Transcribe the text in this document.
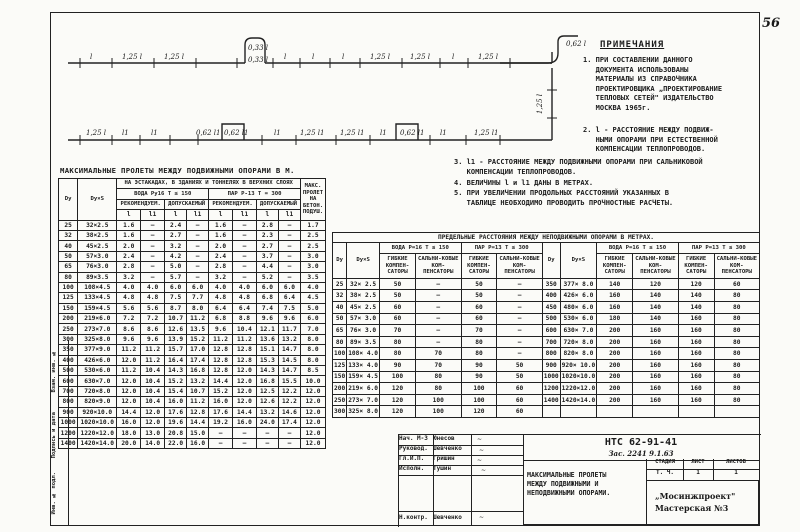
56
Инв. № подл.
Подпись и дата
Взам. инв. №
l	1,25 l	1,25 l
0,33 l
0,33 l l	l	l	1,25 l	1,25 l	l	1,25 l
0,62 l
1,25 l l1	l1	0,62 l1 0,62 l1	l1	1,25 l1 1,25 l1 l1 0,62 l1 l1	1,25 l1
1,25 l
ПРИМЕЧАНИЯ
1. ПРИ СОСТАВЛЕНИИ ДАННОГО
ДОКУМЕНТА ИСПОЛЬЗОВАНЫ
МАТЕРИАЛЫ ИЗ СПРАВОЧНИКА
ПРОЕКТИРОВЩИКА „ПРОЕКТИРОВАНИЕ
ТЕПЛОВЫХ СЕТЕЙ" ИЗДАТЕЛЬСТВО
МОСКВА 1965г.
2. l - РАССТОЯНИЕ МЕЖДУ ПОДВИЖ-
НЫМИ ОПОРАМИ ПРИ ЕСТЕСТВЕННОЙ
КОМПЕНСАЦИИ ТЕПЛОПРОВОДОВ.
3. l1 - РАССТОЯНИЕ МЕЖДУ ПОДВИЖНЫМИ ОПОРАМИ ПРИ САЛЬНИКОВОЙ
КОМПЕНСАЦИИ ТЕПЛОПРОВОДОВ.
4. ВЕЛИЧИНЫ l и l1 ДАНЫ В МЕТРАХ.
5. ПРИ УВЕЛИЧЕНИИ ПРОДОЛЬНЫХ РАССТОЯНИЙ УКАЗАННЫХ В
ТАБЛИЦЕ НЕОБХОДИМО ПРОВОДИТЬ ПРОЧНОСТНЫЕ РАСЧЕТЫ.
МАКСИМАЛЬНЫЕ ПРОЛЕТЫ МЕЖДУ ПОДВИЖНЫМИ ОПОРАМИ В М.
Dy	Dy×S	НА ЭСТАКАДАХ, В ЗДАНИЯХ И ТОННЕЛЯХ В ВЕРХНИХ СЛОЯХ								МАКС. ПРОЛЕТ НА БЕТОН. ПОДУШ.
		ВОДА Ру16 Т ≤ 150				ПАР Р-13 Т = 300				
		РЕКОМЕНДУЕМ.		ДОПУСКАЕМЫЙ		РЕКОМЕНДУЕМ.		ДОПУСКАЕМЫЙ		
		l	l1	l	l1	l	l1	l	l1	
25	32×2.5	1.6	–	2.4	–	1.6	–	2.8	–	1.7
32	38×2.5	1.6	–	2.7	–	1.6	–	2.3	–	2.5
40	45×2.5	2.0	–	3.2	–	2.0	–	2.7	–	2.5
50	57×3.0	2.4	–	4.2	–	2.4	–	3.7	–	3.0
65	76×3.0	2.8	–	5.0	–	2.8	–	4.4	–	3.0
80	89×3.5	3.2	–	5.7	–	3.2	–	5.2	–	3.5
100	108×4.5	4.0	4.0	6.0	6.0	4.0	4.0	6.0	6.0	4.0
125	133×4.5	4.8	4.8	7.5	7.7	4.8	4.8	6.8	6.4	4.5
150	159×4.5	5.6	5.6	8.7	8.0	6.4	6.4	7.4	7.5	5.0
200	219×6.0	7.2	7.2	10.7	11.2	6.8	8.8	9.6	9.6	6.0
250	273×7.0	8.6	8.6	12.6	13.5	9.6	10.4	12.1	11.7	7.0
300	325×8.0	9.6	9.6	13.9	15.2	11.2	11.2	13.6	13.2	8.0
350	377×9.0	11.2	11.2	15.7	17.0	12.8	12.8	15.1	14.7	8.0
400	426×6.0	12.0	11.2	16.4	17.4	12.8	12.8	15.3	14.5	8.0
500	530×6.0	11.2	10.4	14.3	16.8	12.8	12.0	14.3	14.7	8.5
600	630×7.0	12.0	10.4	15.2	13.2	14.4	12.0	16.8	15.5	10.0
700	720×8.0	12.0	10.4	15.4	10.7	15.2	12.0	12.5	12.2	12.0
800	820×9.0	12.0	10.4	16.0	11.2	16.0	12.0	12.6	12.2	12.0
900	920×10.0	14.4	12.0	17.6	12.8	17.6	14.4	13.2	14.6	12.0
1000	1020×10.0	16.0	12.0	19.6	14.4	19.2	16.0	24.0	17.4	12.0
1200	1220×12.0	18.0	13.0	20.8	15.0	–	–	–	–	12.0
1400	1420×14.0	20.0	14.0	22.0	16.0	–	–	–	–	12.0
ПРЕДЕЛЬНЫЕ РАССТОЯНИЯ МЕЖДУ НЕПОДВИЖНЫМИ ОПОРАМИ В МЕТРАХ.											
Dy	Dy×S	ВОДА Р=16 Т ≤ 150		ПАР Р=13 Т ≤ 300		Dy	Dy×S	ВОДА Р=16 Т ≤ 150		ПАР Р=13 Т ≤ 300	
		ГИБКИЕ КОМПЕН-САТОРЫ	САЛЬНИ-КОВЫЕ КОМ-ПЕНСАТОРЫ	ГИБКИЕ КОМПЕН-САТОРЫ	САЛЬНИ-КОВЫЕ КОМ-ПЕНСАТОРЫ			ГИБКИЕ КОМПЕН-САТОРЫ	САЛЬНИ-КОВЫЕ КОМ-ПЕНСАТОРЫ	ГИБКИЕ КОМПЕН-САТОРЫ	САЛЬНИ-КОВЫЕ КОМ-ПЕНСАТОРЫ
25	32× 2.5	50	–	50	–	350	377× 8.0	140	120	120	60
32	38× 2.5	50	–	50	–	400	426× 6.0	160	140	140	80
40	45× 2.5	60	–	60	–	450	480× 6.0	160	140	140	80
50	57× 3.0	60	–	60	–	500	530× 6.0	180	140	160	80
65	76× 3.0	70	–	70	–	600	630× 7.0	200	160	160	80
80	89× 3.5	80	–	80	–	700	720× 8.0	200	160	160	80
100	108× 4.0	80	70	80	–	800	820× 8.0	200	160	160	80
125	133× 4.0	90	70	90	50	900	920× 10.0	200	160	160	80
150	159× 4.5	100	80	90	50	1000	1020×10.0	200	160	160	80
200	219× 6.0	120	80	100	60	1200	1220×12.0	200	160	160	80
250	273× 7.0	120	100	100	60	1400	1420×14.0	200	160	160	80
300	325× 8.0	120	100	120	60						
Нач. М-3 Юнесов
Руковод. Шевченко
Гл.И.П.	Гришин
Исполн.	Тушин
Н.контр. Шевченко
~
~
~
~
~
НТС 62-91-41
Зас. 2241 9.1.63
МАКСИМАЛЬНЫЕ ПРОЛЕТЫ
МЕЖДУ ПОДВИЖНЫМИ И
НЕПОДВИЖНЫМИ ОПОРАМИ.
СТАДИЯ	ЛИСТ	ЛИСТОВ
Т. Ч.	1	1
„Мосинжпроект"
Мастерская №3
